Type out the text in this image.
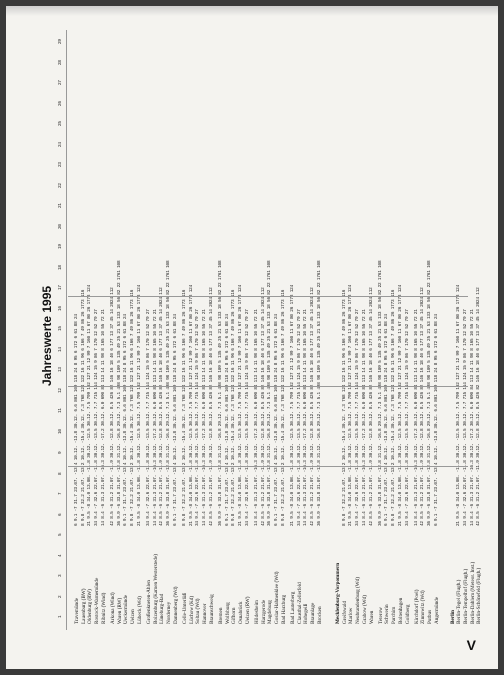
Jahreswerte 1995
V
1
2
3
4
5
6
7
8
9
10
11
12
13
14
15
16
17
18
19
20
21
22
23
24
25
26
27
28
29
Travemünde
6 9.1 -7 31.7 23.07. -13.4 10.12. -13.8 30.12. 6.6 801 109 118 24 8 95 6 172 6 61 88 24
Lauenburg (BW)
8 9.8 -7 32.2 21.07. -13.2 10.12. -15.4 30.12. 7.3 768 124 122 16 11 96 6 166 7 49 86 26 1773 116
Oldenburg (RW)
21 9.5 -8 34.0 13.08. -11.8 30.12. -12.5 30.12. 7.5 799 102 127 21 12 99 7 160 11 67 80 26 1773 124
Rostock-Warnemünde
34 9.4 -7 32.6 22.07. -11.8 30.12. -13.5 30.12. 7.7 715 114 124 15 9 86 7 170 12 52 79 27
Ribnitz (Wind)
14 8.4 -6 31.3 21.07. -16.3 30.12. -17.2 30.12. 6.0 690 84 113 14 11 98 8 165 10 55 72 21
Arkona (Wind)
42 8.5 -6 31.2 21.07. -11.9 30.12. -12.8 30.12. 8.5 426 82 146 16 18 40 6 177 13 37 45 14 2024 112
Waren (RW)
36 9.9 -6 33.8 31.07. -12.8 31.12. -16.8 29.12. 7.3 5.1 498 98 109 5 135 49 25 21 53 133 18 56 82 22 1761 108
Ueckermünde
6 9.1 -7 31.7 23.07. -13.4 10.12. -13.8 30.12. 6.6 801 109 118 24 8 95 6 172 6 61 88 24
Uelzen
8 9.8 -7 32.2 21.07. -13.2 10.12. -15.4 30.12. 7.3 768 124 122 16 11 96 6 166 7 49 86 26 1773 116
Lübeck (Wd)
21 9.5 -8 34.0 13.08. -11.8 30.12. -12.5 30.12. 7.5 799 102 127 21 12 99 7 160 11 67 80 26 1773 124
Großenkneten-Ahlen
34 9.4 -7 32.6 22.07. -11.8 30.12. -13.5 30.12. 7.7 715 114 124 15 9 86 7 170 12 52 79 27
Boizenburg (Kamen Westerstede)
14 8.4 -6 31.3 21.07. -16.3 30.12. -17.2 30.12. 6.0 690 84 113 14 11 98 8 165 10 55 72 21
Lüneburg-Bad
42 8.5 -6 31.2 21.07. -11.9 30.12. -12.8 30.12. 8.5 426 82 146 16 18 40 6 177 13 37 45 14 2024 112
Norderney
36 9.9 -6 33.8 31.07. -12.8 31.12. -16.8 29.12. 7.3 5.1 498 98 109 5 135 49 25 21 53 133 18 56 82 22 1761 108
Dannenberg (Wd)
6 9.1 -7 31.7 23.07. -13.4 10.12. -13.8 30.12. 6.6 801 109 118 24 8 95 6 172 6 61 88 24
Celle-Unterlüß
8 9.8 -7 32.2 21.07. -13.2 10.12. -15.4 30.12. 7.3 768 124 122 16 11 96 6 166 7 49 86 26 1773 116
Lüchow (Kd)
21 9.5 -8 34.0 13.08. -11.8 30.12. -12.5 30.12. 7.5 799 102 127 21 12 99 7 160 11 67 80 26 1773 124
Soltau (Wd)
34 9.4 -7 32.6 22.07. -11.8 30.12. -13.5 30.12. 7.7 715 114 124 15 9 86 7 170 12 52 79 27
Hannover
14 8.4 -6 31.3 21.07. -16.3 30.12. -17.2 30.12. 6.0 690 84 113 14 11 98 8 165 10 55 72 21
Braunschweig
42 8.5 -6 31.2 21.07. -11.9 30.12. -12.8 30.12. 8.5 426 82 146 16 18 40 6 177 13 37 45 14 2024 112
Bremen
36 9.9 -6 33.8 31.07. -12.8 31.12. -16.8 29.12. 7.3 5.1 498 98 109 5 135 49 25 21 53 133 18 56 82 22 1761 108
Wolfsburg
6 9.1 -7 31.7 23.07. -13.4 10.12. -13.8 30.12. 6.6 801 109 118 24 8 95 6 172 6 61 88 24
Gifhorn
8 9.8 -7 32.2 21.07. -13.2 10.12. -15.4 30.12. 7.3 768 124 122 16 11 96 6 166 7 49 86 26 1773 116
Osnabrück
21 9.5 -8 34.0 13.08. -11.8 30.12. -12.5 30.12. 7.5 799 102 127 21 12 99 7 160 11 67 80 26 1773 124
Uelzen (RW)
34 9.4 -7 32.6 22.07. -11.8 30.12. -13.5 30.12. 7.7 715 114 124 15 9 86 7 170 12 52 79 27
Hildesheim
14 8.4 -6 31.3 21.07. -16.3 30.12. -17.2 30.12. 6.0 690 84 113 14 11 98 8 165 10 55 72 21
Harzgerode
42 8.5 -6 31.2 21.07. -11.9 30.12. -12.8 30.12. 8.5 426 82 146 16 18 40 6 177 13 37 45 14 2024 112
Magdeburg
36 9.9 -6 33.8 31.07. -12.8 31.12. -16.8 29.12. 7.3 5.1 498 98 109 5 135 49 25 21 53 133 18 56 82 22 1761 108
Goslar-Hahnenklee (Wd)
6 9.1 -7 31.7 23.07. -13.4 10.12. -13.8 30.12. 6.6 801 109 118 24 8 95 6 172 6 61 88 24
Bad Harzburg
8 9.8 -7 32.2 21.07. -13.2 10.12. -15.4 30.12. 7.3 768 124 122 16 11 96 6 166 7 49 86 26 1773 116
Bad Lauterberg
21 9.5 -8 34.0 13.08. -11.8 30.12. -12.5 30.12. 7.5 799 102 127 21 12 99 7 160 11 67 80 26 1773 124
Clausthal-Zellerfeld
34 9.4 -7 32.6 22.07. -11.8 30.12. -13.5 30.12. 7.7 715 114 124 15 9 86 7 170 12 52 79 27
Hohegeiß
14 8.4 -6 31.3 21.07. -16.3 30.12. -17.2 30.12. 6.0 690 84 113 14 11 98 8 165 10 55 72 21
Braunlage
42 8.5 -6 31.2 21.07. -11.9 30.12. -12.8 30.12. 8.5 426 82 146 16 18 40 6 177 13 37 45 14 2024 112
Brocken
36 9.9 -6 33.8 31.07. -12.8 31.12. -16.8 29.12. 7.3 5.1 498 98 109 5 135 49 25 21 53 133 18 56 82 22 1761 108
Mecklenburg-Vorpommern Greifswald
8 9.8 -7 32.2 21.07. -13.2 10.12. -15.4 30.12. 7.3 768 124 122 16 11 96 6 166 7 49 86 26 1773 116
Marlow
21 9.5 -8 34.0 13.08. -11.8 30.12. -12.5 30.12. 7.5 799 102 127 21 12 99 7 160 11 67 80 26 1773 124
Neubrandenburg (Wd)
34 9.4 -7 32.6 22.07. -11.8 30.12. -13.5 30.12. 7.7 715 114 124 15 9 86 7 170 12 52 79 27
Grabow (Wd)
14 8.4 -6 31.3 21.07. -16.3 30.12. -17.2 30.12. 6.0 690 84 113 14 11 98 8 165 10 55 72 21
Waren
42 8.5 -6 31.2 21.07. -11.9 30.12. -12.8 30.12. 8.5 426 82 146 16 18 40 6 177 13 37 45 14 2024 112
Teterow
36 9.9 -6 33.8 31.07. -12.8 31.12. -16.8 29.12. 7.3 5.1 498 98 109 5 135 49 25 21 53 133 18 56 82 22 1761 108
Schwerin
6 9.1 -7 31.7 23.07. -13.4 10.12. -13.8 30.12. 6.6 801 109 118 24 8 95 6 172 6 61 88 24
Parchim
8 9.8 -7 32.2 21.07. -13.2 10.12. -15.4 30.12. 7.3 768 124 122 16 11 96 6 166 7 49 86 26 1773 116
Boltenhagen
21 9.5 -8 34.0 13.08. -11.8 30.12. -12.5 30.12. 7.5 799 102 127 21 12 99 7 160 11 67 80 26 1773 124
Goldberg
34 9.4 -7 32.6 22.07. -11.8 30.12. -13.5 30.12. 7.7 715 114 124 15 9 86 7 170 12 52 79 27
Kirchdorf (Poel)
14 8.4 -6 31.3 21.07. -16.3 30.12. -17.2 30.12. 6.0 690 84 113 14 11 98 8 165 10 55 72 21
Zinnowitz (Wd)
42 8.5 -6 31.2 21.07. -11.9 30.12. -12.8 30.12. 8.5 426 82 146 16 18 40 6 177 13 37 45 14 2024 112
Putbus
36 9.9 -6 33.8 31.07. -12.8 31.12. -16.8 29.12. 7.3 5.1 498 98 109 5 135 49 25 21 53 133 18 56 82 22 1761 108
Angermünde
6 9.1 -7 31.7 23.07. -13.4 10.12. -13.8 30.12. 6.6 801 109 118 24 8 95 6 172 6 61 88 24
Berlin Berlin-Tegel (Flugh.)
21 9.5 -8 34.0 13.08. -11.8 30.12. -12.5 30.12. 7.5 799 102 127 21 12 99 7 160 11 67 80 26 1773 124
Berlin-Tempelhof (Flugh.)
34 9.4 -7 32.6 22.07. -11.8 30.12. -13.5 30.12. 7.7 715 114 124 15 9 86 7 170 12 52 79 27
Berlin-Dahlem (Meteor. Inst.)
14 8.4 -6 31.3 21.07. -16.3 30.12. -17.2 30.12. 6.0 690 84 113 14 11 98 8 165 10 55 72 21
Berlin-Schönefeld (Flugh.)
42 8.5 -6 31.2 21.07. -11.9 30.12. -12.8 30.12. 8.5 426 82 146 16 18 40 6 177 13 37 45 14 2024 112
